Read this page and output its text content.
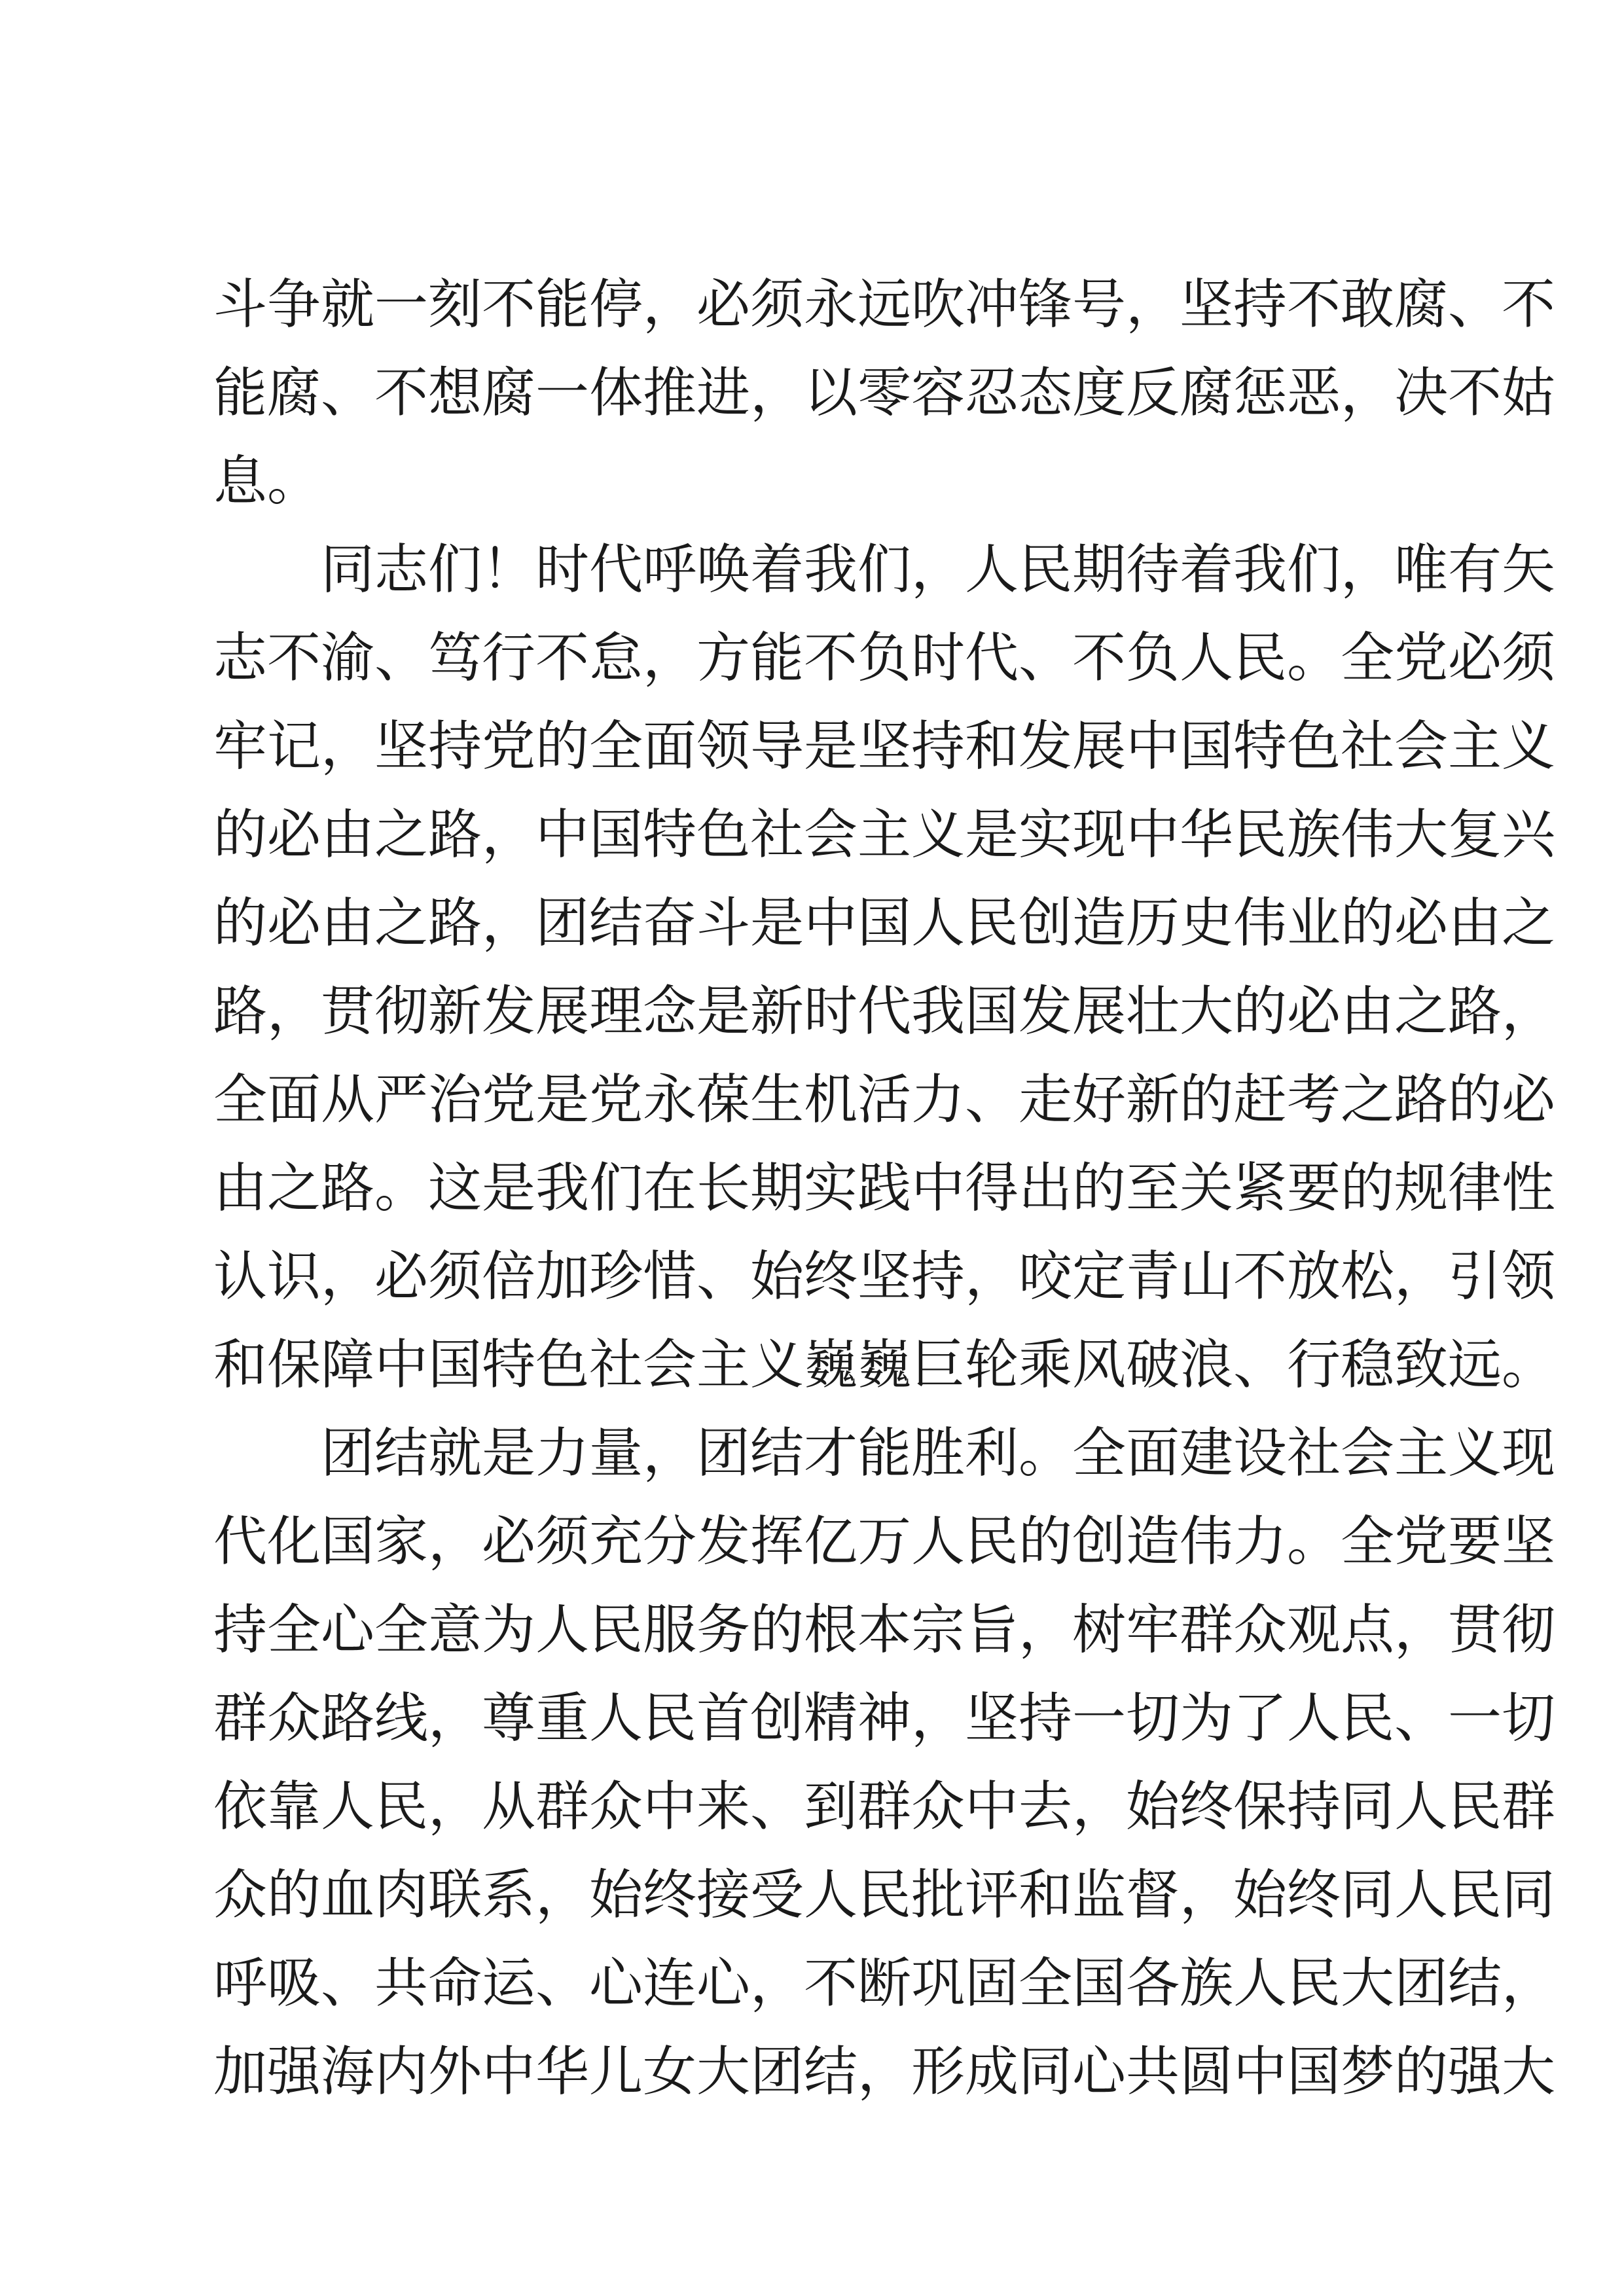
斗争就一刻不能停，必须永远吹冲锋号，坚持不敢腐、不
能腐、不想腐一体推进，以零容忍态度反腐惩恶，决不姑
息。
同志们！时代呼唤着我们，人民期待着我们，唯有矢
志不渝、笃行不怠，方能不负时代、不负人民。全党必须
牢记，坚持党的全面领导是坚持和发展中国特色社会主义
的必由之路，中国特色社会主义是实现中华民族伟大复兴
的必由之路，团结奋斗是中国人民创造历史伟业的必由之
路，贯彻新发展理念是新时代我国发展壮大的必由之路，
全面从严治党是党永葆生机活力、走好新的赶考之路的必
由之路。这是我们在长期实践中得出的至关紧要的规律性
认识，必须倍加珍惜、始终坚持，咬定青山不放松，引领
和保障中国特色社会主义巍巍巨轮乘风破浪、行稳致远。
团结就是力量，团结才能胜利。全面建设社会主义现
代化国家，必须充分发挥亿万人民的创造伟力。全党要坚
持全心全意为人民服务的根本宗旨，树牢群众观点，贯彻
群众路线，尊重人民首创精神，坚持一切为了人民、一切
依靠人民，从群众中来、到群众中去，始终保持同人民群
众的血肉联系，始终接受人民批评和监督，始终同人民同
呼吸、共命运、心连心，不断巩固全国各族人民大团结，
加强海内外中华儿女大团结，形成同心共圆中国梦的强大
